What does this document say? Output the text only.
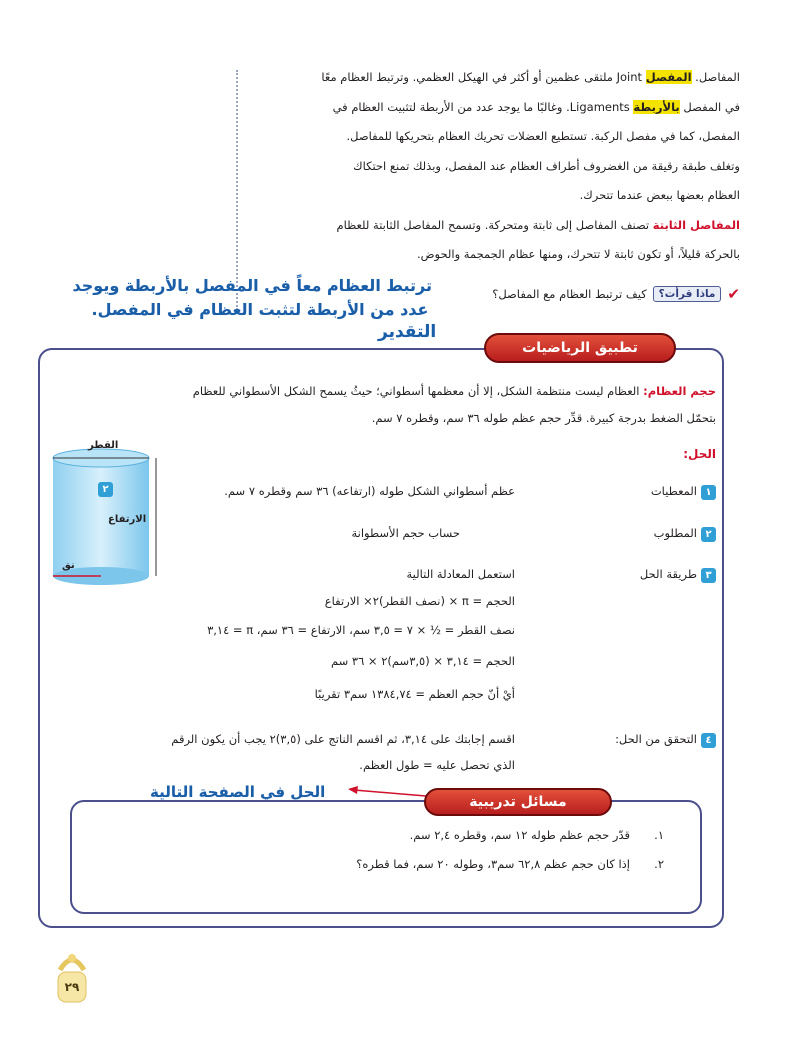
المفاصل. المفصل Joint ملتقى عظمين أو أكثر في الهيكل العظمي. وترتبط العظام معًا

في المفصل بالأربطة Ligaments. وغالبًا ما يوجد عدد من الأربطة لتثبيت العظام في

المفصل، كما في مفصل الركبة. تستطيع العضلات تحريك العظام بتحريكها للمفاصل.

وتغلف طبقة رقيقة من الغضروف أطراف العظام عند المفصل، وبذلك تمنع احتكاك

العظام بعضها ببعض عندما تتحرك.

المفاصل الثابتة تصنف المفاصل إلى ثابتة ومتحركة. وتسمح المفاصل الثابتة للعظام

بالحركة قليلاً، أو تكون ثابتة لا تتحرك، ومنها عظام الجمجمة والحوض.

✔
ماذا قرأت؟
كيف ترتبط العظام مع المفاصل؟
ترتبط العظام معاً في المفصل بالأربطة ويوجد
عدد من الأربطة لتثبت العظام في المفصل.
التقدير
تطبيق الرياضيات

حجم العظام: العظام ليست منتظمة الشكل، إلا أن معظمها أسطواني؛ حيثُ يسمح الشكل الأسطواني للعظام

بتحمّل الضغط بدرجة كبيرة. قدِّر حجم عظم طوله ٣٦ سم، وقطره ٧ سم.

الحل:
١المعطيات
عظم أسطواني الشكل طوله (ارتفاعه) ٣٦ سم وقطره ٧ سم.
٢المطلوب
حساب حجم الأسطوانة
٣طريقة الحل
استعمل المعادلة التالية
الحجم = π × (نصف القطر)٢× الارتفاع
نصف القطر = ½ × ٧ = ٣,٥ سم، الارتفاع = ٣٦ سم، π = ٣,١٤
الحجم = ٣,١٤ × (٣,٥سم)٢ × ٣٦ سم
أيْ أنّ حجم العظم = ١٣٨٤,٧٤ سم٣ تقريبًا
٤التحقق من الحل:
اقسم إجابتك على ٣,١٤، ثم اقسم الناتج على (٣,٥)٢ يجب أن يكون الرقم
الذي تحصل عليه = طول العظم.
القطر
٢
الارتفاع
نق
الحل في الصفحة التالية
مسائل تدريبية
١.
قدّر حجم عظم طوله ١٢ سم، وقطره ٢,٤ سم.
٢.
إذا كان حجم عظم ٦٢,٨ سم٣، وطوله ٢٠ سم، فما قطره؟
٢٩
